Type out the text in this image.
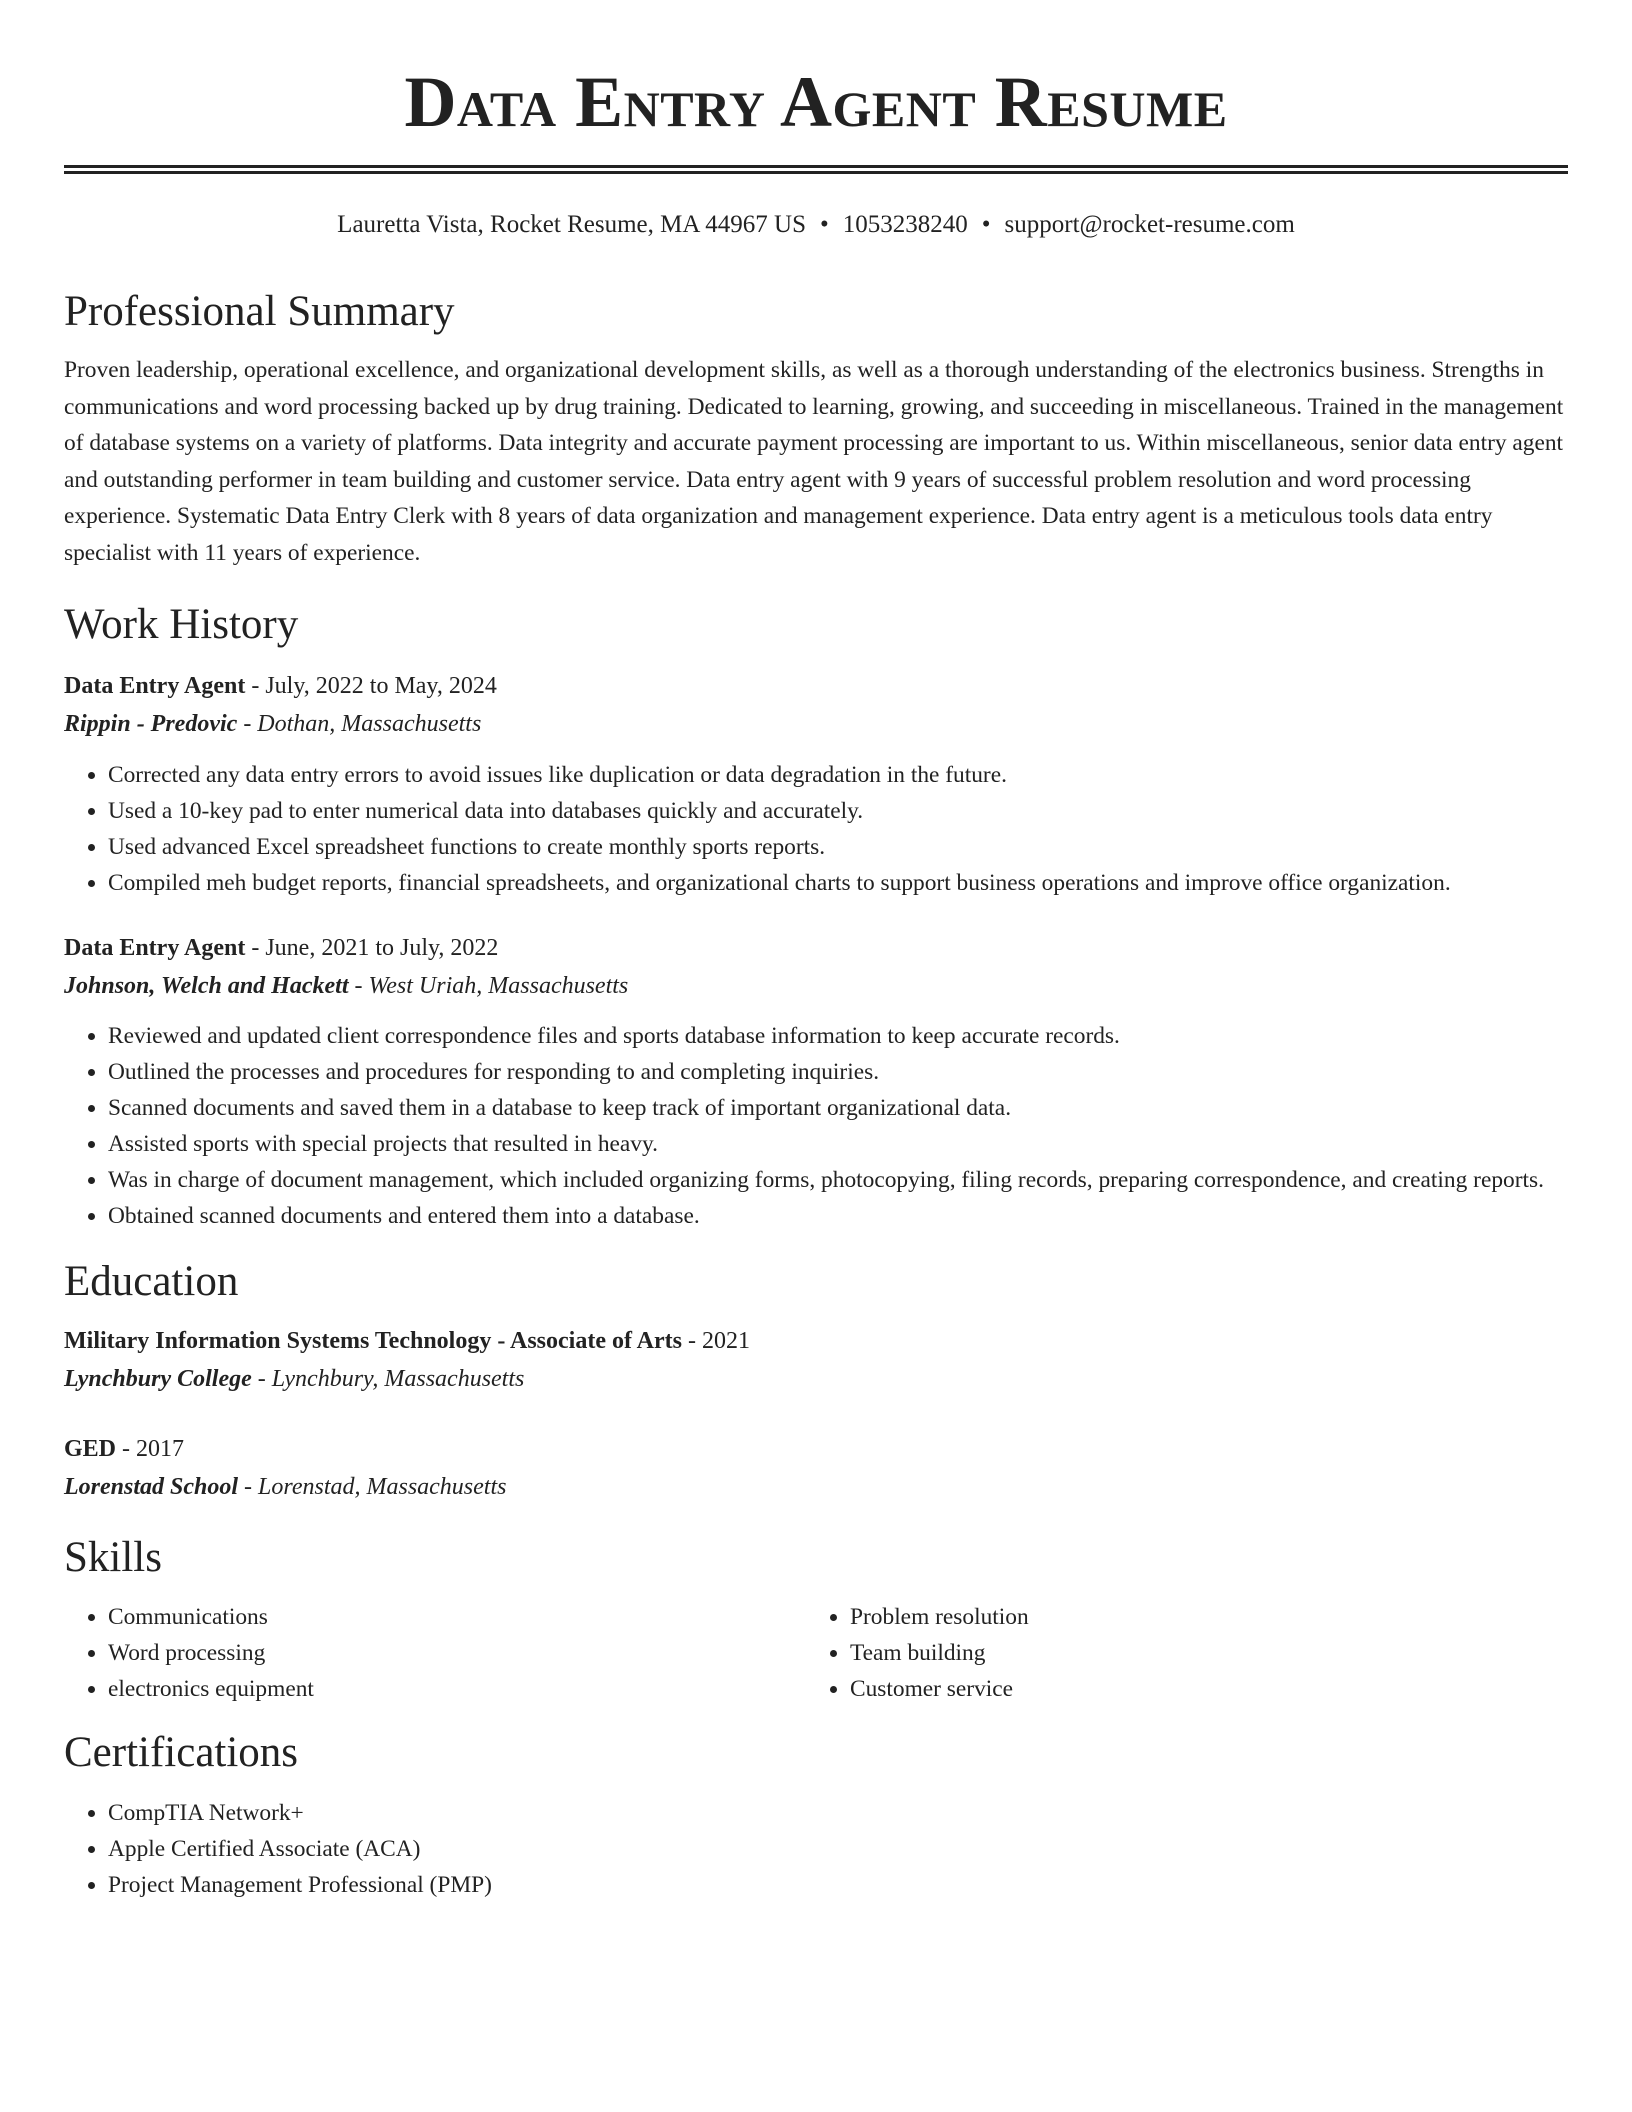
Data Entry Agent Resume
Lauretta Vista, Rocket Resume, MA 44967 US • 1053238240 • support@rocket-resume.com
Professional Summary

Proven leadership, operational excellence, and organizational development skills, as well as a thorough understanding of the electronics business. Strengths in communications and word processing backed up by drug training. Dedicated to learning, growing, and succeeding in miscellaneous. Trained in the management of database systems on a variety of platforms. Data integrity and accurate payment processing are important to us. Within miscellaneous, senior data entry agent and outstanding performer in team building and customer service. Data entry agent with 9 years of successful problem resolution and word processing experience. Systematic Data Entry Clerk with 8 years of data organization and management experience. Data entry agent is a meticulous tools data entry specialist with 11 years of experience.

Work History
Data Entry Agent - July, 2022 to May, 2024
Rippin - Predovic - Dothan, Massachusetts
• Corrected any data entry errors to avoid issues like duplication or data degradation in the future.
• Used a 10-key pad to enter numerical data into databases quickly and accurately.
• Used advanced Excel spreadsheet functions to create monthly sports reports.
• Compiled meh budget reports, financial spreadsheets, and organizational charts to support business operations and improve office organization.
Data Entry Agent - June, 2021 to July, 2022
Johnson, Welch and Hackett - West Uriah, Massachusetts
• Reviewed and updated client correspondence files and sports database information to keep accurate records.
• Outlined the processes and procedures for responding to and completing inquiries.
• Scanned documents and saved them in a database to keep track of important organizational data.
• Assisted sports with special projects that resulted in heavy.
• Was in charge of document management, which included organizing forms, photocopying, filing records, preparing correspondence, and creating reports.
• Obtained scanned documents and entered them into a database.
Education
Military Information Systems Technology - Associate of Arts - 2021
Lynchbury College - Lynchbury, Massachusetts
GED - 2017
Lorenstad School - Lorenstad, Massachusetts
Skills
• Communications
• Word processing
• electronics equipment
• Problem resolution
• Team building
• Customer service
Certifications
• CompTIA Network+
• Apple Certified Associate (ACA)
• Project Management Professional (PMP)
